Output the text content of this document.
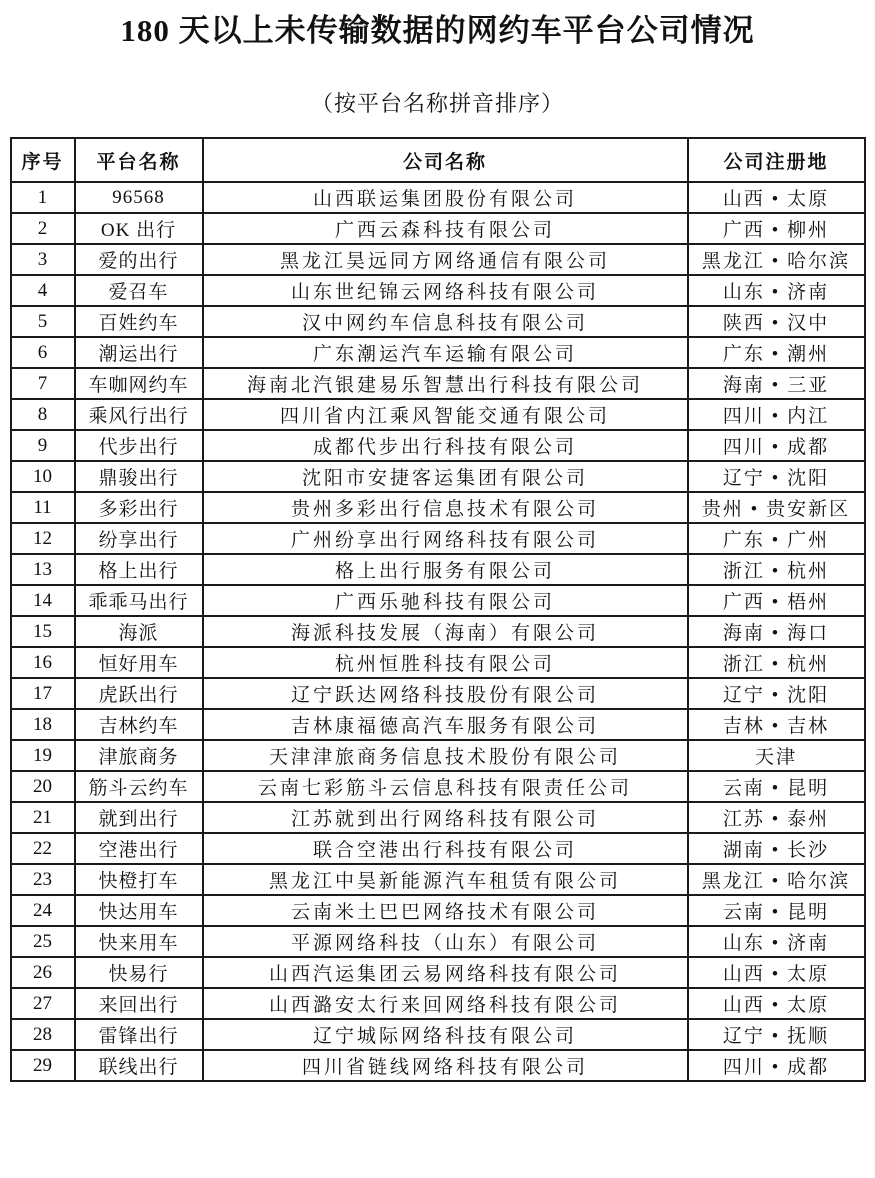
180 天以上未传输数据的网约车平台公司情况
（按平台名称拼音排序）
序号	平台名称	公司名称	公司注册地
1	96568	山西联运集团股份有限公司	山西 • 太原
2	OK 出行	广西云森科技有限公司	广西 • 柳州
3	爱的出行	黑龙江昊远同方网络通信有限公司	黑龙江 • 哈尔滨
4	爱召车	山东世纪锦云网络科技有限公司	山东 • 济南
5	百姓约车	汉中网约车信息科技有限公司	陕西 • 汉中
6	潮运出行	广东潮运汽车运输有限公司	广东 • 潮州
7	车咖网约车	海南北汽银建易乐智慧出行科技有限公司	海南 • 三亚
8	乘风行出行	四川省内江乘风智能交通有限公司	四川 • 内江
9	代步出行	成都代步出行科技有限公司	四川 • 成都
10	鼎骏出行	沈阳市安捷客运集团有限公司	辽宁 • 沈阳
11	多彩出行	贵州多彩出行信息技术有限公司	贵州 • 贵安新区
12	纷享出行	广州纷享出行网络科技有限公司	广东 • 广州
13	格上出行	格上出行服务有限公司	浙江 • 杭州
14	乖乖马出行	广西乐驰科技有限公司	广西 • 梧州
15	海派	海派科技发展（海南）有限公司	海南 • 海口
16	恒好用车	杭州恒胜科技有限公司	浙江 • 杭州
17	虎跃出行	辽宁跃达网络科技股份有限公司	辽宁 • 沈阳
18	吉林约车	吉林康福德高汽车服务有限公司	吉林 • 吉林
19	津旅商务	天津津旅商务信息技术股份有限公司	天津
20	筋斗云约车	云南七彩筋斗云信息科技有限责任公司	云南 • 昆明
21	就到出行	江苏就到出行网络科技有限公司	江苏 • 泰州
22	空港出行	联合空港出行科技有限公司	湖南 • 长沙
23	快橙打车	黑龙江中昊新能源汽车租赁有限公司	黑龙江 • 哈尔滨
24	快达用车	云南米土巴巴网络技术有限公司	云南 • 昆明
25	快来用车	平源网络科技（山东）有限公司	山东 • 济南
26	快易行	山西汽运集团云易网络科技有限公司	山西 • 太原
27	来回出行	山西潞安太行来回网络科技有限公司	山西 • 太原
28	雷锋出行	辽宁城际网络科技有限公司	辽宁 • 抚顺
29	联线出行	四川省链线网络科技有限公司	四川 • 成都
